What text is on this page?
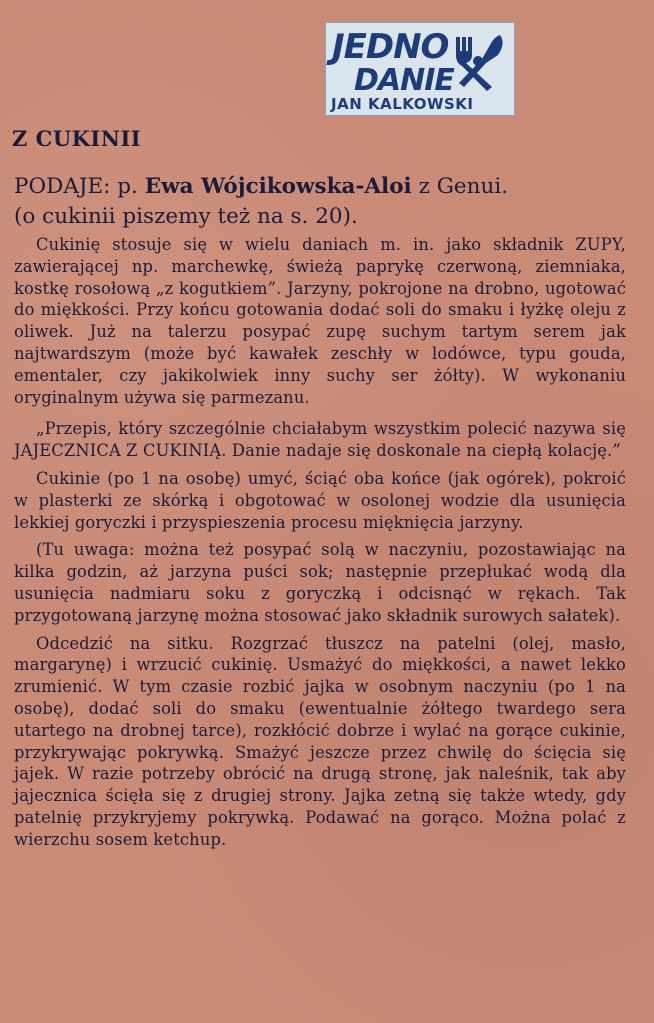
JEDNO
DANIE
JAN KALKOWSKI
Z CUKINII

PODAJE: p. Ewa Wójcikowska-Aloi z Genui.
(o cukinii piszemy też na s. 20).

Cukinię stosuje się w wielu daniach m. in. jako składnik ZUPY, zawierającej np. marchewkę, świeżą paprykę czerwoną, ziemniaka, kostkę rosołową „z kogutkiem”. Jarzyny, pokrojone na drobno, ugotować do miękkości. Przy końcu gotowania dodać soli do smaku i łyżkę oleju z oliwek. Już na talerzu posypać zupę suchym tartym serem jak najtwardszym (może być kawałek zeschły w lodówce, typu gouda, ementaler, czy jakikolwiek inny suchy ser żółty). W wykonaniu oryginalnym używa się parmezanu.

„Przepis, który szczególnie chciałabym wszystkim polecić nazywa się JAJECZNICA Z CUKINIĄ. Danie nadaje się doskonale na ciepłą kolację.”

Cukinie (po 1 na osobę) umyć, ściąć oba końce (jak ogórek), pokroić w plasterki ze skórką i obgotować w osolonej wodzie dla usunięcia lekkiej goryczki i przyspieszenia procesu mięknięcia jarzyny.

(Tu uwaga: można też posypać solą w naczyniu, pozostawiając na kilka godzin, aż jarzyna puści sok; następnie przepłukać wodą dla usunięcia nadmiaru soku z goryczką i odcisnąć w rękach. Tak przygotowaną jarzynę można stosować jako składnik surowych sałatek).

Odcedzić na sitku. Rozgrzać tłuszcz na patelni (olej, masło, margarynę) i wrzucić cukinię. Usmażyć do miękkości, a nawet lekko zrumienić. W tym czasie rozbić jajka w osobnym naczyniu (po 1 na osobę), dodać soli do smaku (ewentualnie żółtego twardego sera utartego na drobnej tarce), rozkłócić dobrze i wylać na gorące cukinie, przykrywając pokrywką. Smażyć jeszcze przez chwilę do ścięcia się jajek. W razie potrzeby obrócić na drugą stronę, jak naleśnik, tak aby jajecznica ścięła się z drugiej strony. Jajka zetną się także wtedy, gdy patelnię przykryjemy pokrywką. Podawać na gorąco. Można polać z wierzchu sosem ketchup.
